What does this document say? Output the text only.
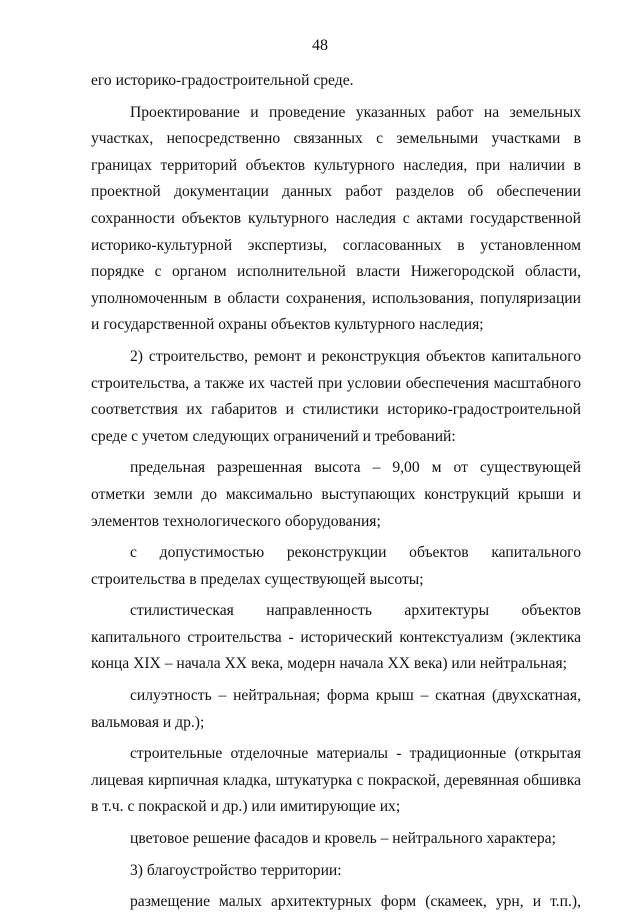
48

его историко-градостроительной среде.

Проектирование и проведение указанных работ на земельных участках, непосредственно связанных с земельными участками в границах территорий объектов культурного наследия, при наличии в проектной документации данных работ разделов об обеспечении сохранности объектов культурного наследия с актами государственной историко-культурной экспертизы, согласованных в установленном порядке с органом исполнительной власти Нижегородской области, уполномоченным в области сохранения, использования, популяризации и государственной охраны объектов культурного наследия;

2) строительство, ремонт и реконструкция объектов капитального строительства, а также их частей при условии обеспечения масштабного соответствия их габаритов и стилистики историко-градостроительной среде с учетом следующих ограничений и требований:

предельная разрешенная высота – 9,00 м от существующей отметки земли до максимально выступающих конструкций крыши и элементов технологического оборудования;

с допустимостью реконструкции объектов капитального строительства в пределах существующей высоты;

стилистическая направленность архитектуры объектов капитального строительства - исторический контекстуализм (эклектика конца XIX – начала XX века, модерн начала XX века) или нейтральная;

силуэтность – нейтральная; форма крыш – скатная (двухскатная, вальмовая и др.);

строительные отделочные материалы - традиционные (открытая лицевая кирпичная кладка, штукатурка с покраской, деревянная обшивка в т.ч. с покраской и др.) или имитирующие их;

цветовое решение фасадов и кровель – нейтрального характера;

3) благоустройство территории:

размещение малых архитектурных форм (скамеек, урн, и т.п.),
